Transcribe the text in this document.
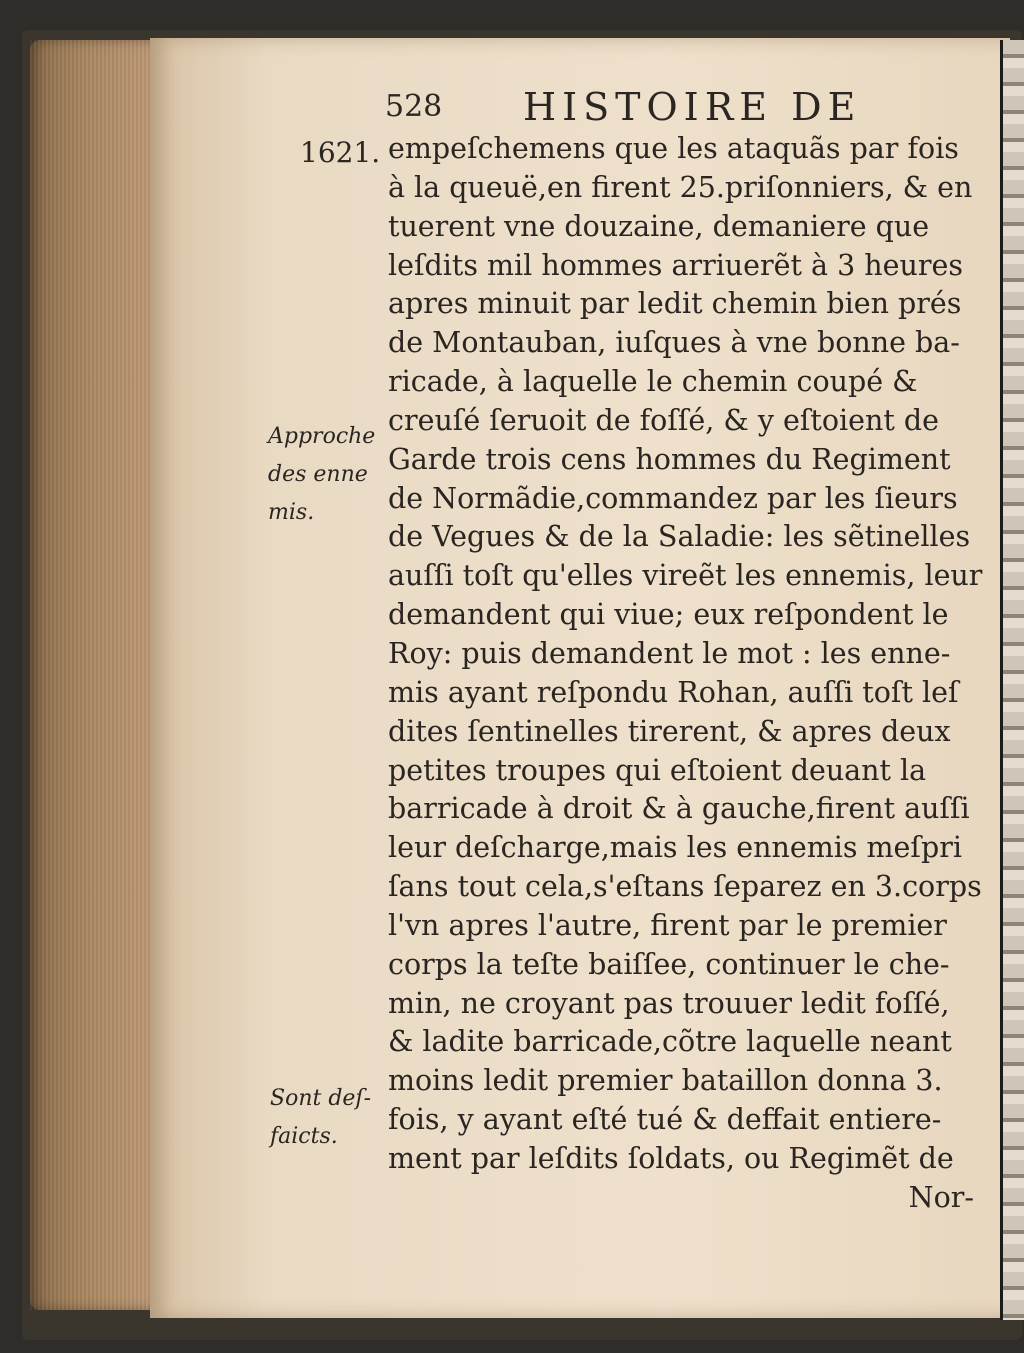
528 HISTOIRE DE
1621. empeſchemens que les ataquãs par fois
à la queuë,en firent 25.priſonniers, & en
tuerent vne douzaine, demaniere que
leſdits mil hommes arriuerẽt à 3 heures
apres minuit par ledit chemin bien prés
de Montauban, iuſques à vne bonne ba-
ricade, à laquelle le chemin coupé &
creuſé ſeruoit de foſſé, & y eſtoient de
Garde trois cens hommes du Regiment
de Normãdie,commandez par les ſieurs
de Vegues & de la Saladie: les sẽtinelles
auſſi toſt qu'elles vireẽt les ennemis, leur
demandent qui viue; eux reſpondent le
Roy: puis demandent le mot : les enne-
mis ayant reſpondu Rohan, auſſi toſt leſ
dites ſentinelles tirerent, & apres deux
petites troupes qui eſtoient deuant la
barricade à droit & à gauche,firent auſſi
leur deſcharge,mais les ennemis meſpri
ſans tout cela,s'eſtans ſeparez en 3.corps
l'vn apres l'autre, firent par le premier
corps la teſte baiſſee, continuer le che-
min, ne croyant pas trouuer ledit foſſé,
& ladite barricade,cõtre laquelle neant
moins ledit premier bataillon donna 3.
fois, y ayant eſté tué & deffait entiere-
ment par leſdits ſoldats, ou Regimẽt de
Nor-
Approche
des enne
mis.
Sont deſ-
faicts.
